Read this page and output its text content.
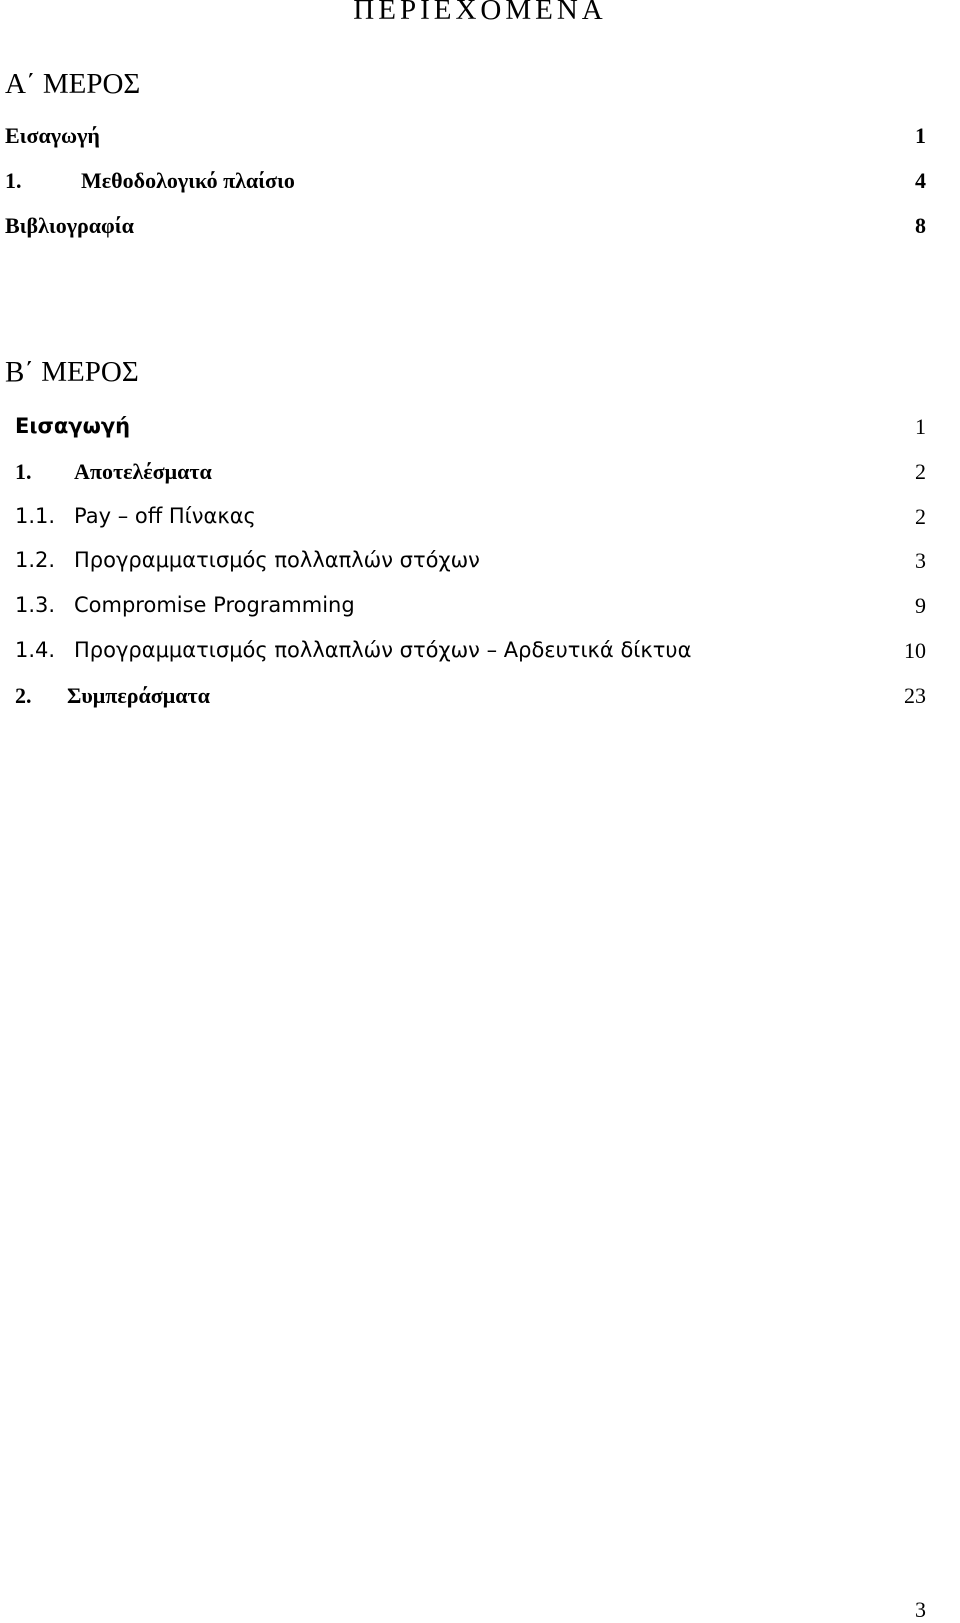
ΠΕΡΙΕΧΟΜΕΝΑ
Α΄ ΜΕΡΟΣ
Εισαγωγή	1
1.	Μεθοδολογικό πλαίσιο	4
Βιβλιογραφία	8
Β΄ ΜΕΡΟΣ
Εισαγωγή	1
1. Αποτελέσματα	2
1.1. Pay – off Πίνακας	2
1.2. Προγραμματισμός πολλαπλών στόχων	3
1.3. Compromise Programming	9
1.4. Προγραμματισμός πολλαπλών στόχων – Αρδευτικά δίκτυα	10
2. Συμπεράσματα	23
3
